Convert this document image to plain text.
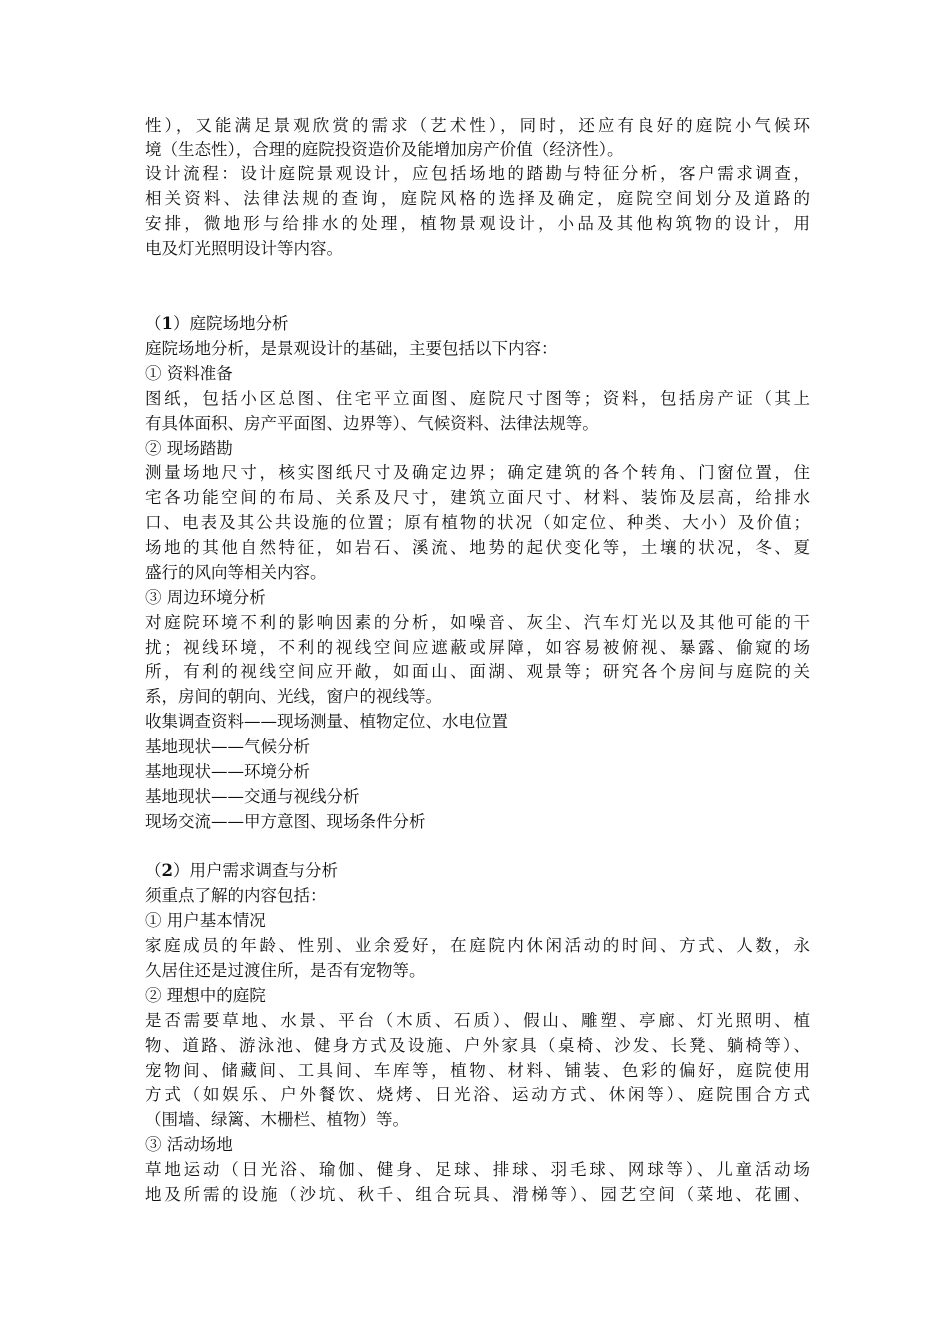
性），又能满足景观欣赏的需求（艺术性），同时，还应有良好的庭院小气候环
境（生态性），合理的庭院投资造价及能增加房产价值（经济性）。
设计流程：设计庭院景观设计，应包括场地的踏勘与特征分析，客户需求调查，
相关资料、法律法规的查询，庭院风格的选择及确定，庭院空间划分及道路的
安排，微地形与给排水的处理，植物景观设计，小品及其他构筑物的设计，用
电及灯光照明设计等内容。
（1）庭院场地分析
庭院场地分析，是景观设计的基础，主要包括以下内容：
① 资料准备
图纸，包括小区总图、住宅平立面图、庭院尺寸图等；资料，包括房产证（其上
有具体面积、房产平面图、边界等）、气候资料、法律法规等。
② 现场踏勘
测量场地尺寸，核实图纸尺寸及确定边界；确定建筑的各个转角、门窗位置，住
宅各功能空间的布局、关系及尺寸，建筑立面尺寸、材料、装饰及层高，给排水
口、电表及其公共设施的位置；原有植物的状况（如定位、种类、大小）及价值；
场地的其他自然特征，如岩石、溪流、地势的起伏变化等，土壤的状况，冬、夏
盛行的风向等相关内容。
③ 周边环境分析
对庭院环境不利的影响因素的分析，如噪音、灰尘、汽车灯光以及其他可能的干
扰；视线环境，不利的视线空间应遮蔽或屏障，如容易被俯视、暴露、偷窥的场
所，有利的视线空间应开敞，如面山、面湖、观景等；研究各个房间与庭院的关
系，房间的朝向、光线，窗户的视线等。
收集调查资料——现场测量、植物定位、水电位置
基地现状——气候分析
基地现状——环境分析
基地现状——交通与视线分析
现场交流——甲方意图、现场条件分析
（2）用户需求调查与分析
须重点了解的内容包括：
① 用户基本情况
家庭成员的年龄、性别、业余爱好，在庭院内休闲活动的时间、方式、人数，永
久居住还是过渡住所，是否有宠物等。
② 理想中的庭院
是否需要草地、水景、平台（木质、石质）、假山、雕塑、亭廊、灯光照明、植
物、道路、游泳池、健身方式及设施、户外家具（桌椅、沙发、长凳、躺椅等）、
宠物间、储藏间、工具间、车库等，植物、材料、铺装、色彩的偏好，庭院使用
方式（如娱乐、户外餐饮、烧烤、日光浴、运动方式、休闲等）、庭院围合方式
（围墙、绿篱、木栅栏、植物）等。
③ 活动场地
草地运动（日光浴、瑜伽、健身、足球、排球、羽毛球、网球等）、儿童活动场
地及所需的设施（沙坑、秋千、组合玩具、滑梯等）、园艺空间（菜地、花圃、
